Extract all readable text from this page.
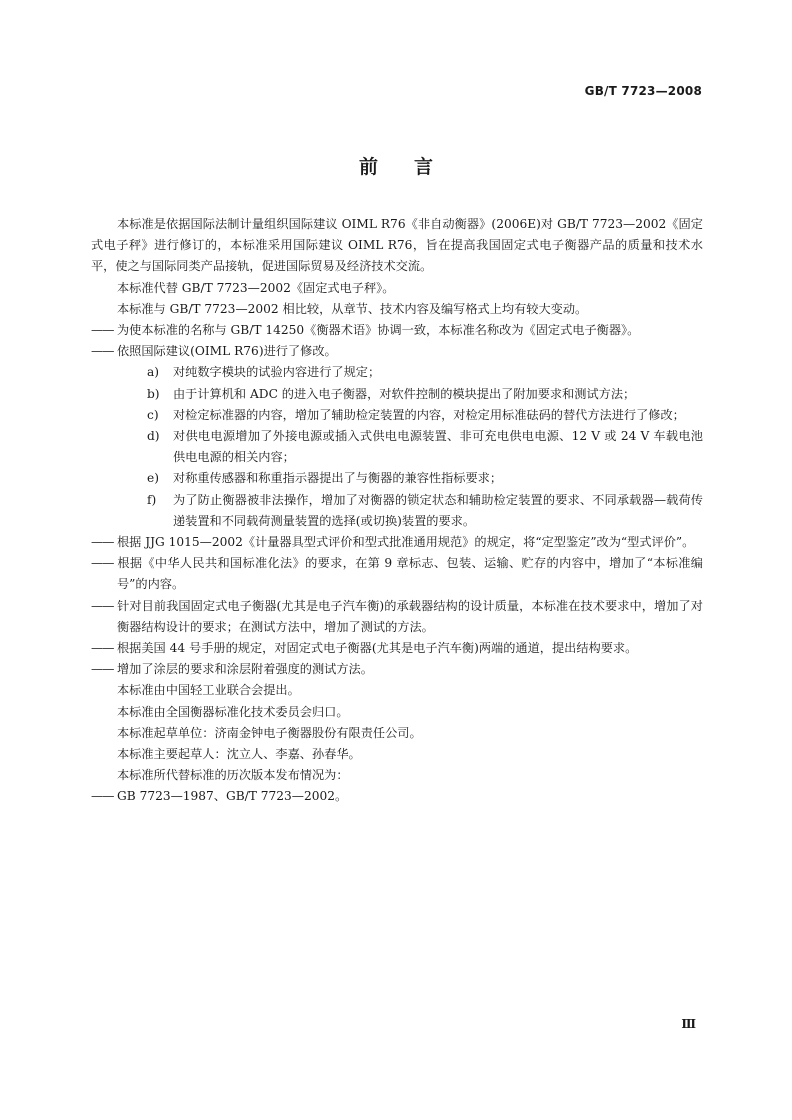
GB/T 7723—2008
前言

本标准是依据国际法制计量组织国际建议 OIML R76《非自动衡器》(2006E)对 GB/T 7723—2002《固定式电子秤》进行修订的，本标准采用国际建议 OIML R76，旨在提高我国固定式电子衡器产品的质量和技术水平，使之与国际同类产品接轨，促进国际贸易及经济技术交流。

本标准代替 GB/T 7723—2002《固定式电子秤》。

本标准与 GB/T 7723—2002 相比较，从章节、技术内容及编写格式上均有较大变动。

—— 为使本标准的名称与 GB/T 14250《衡器术语》协调一致，本标准名称改为《固定式电子衡器》。

—— 依照国际建议(OIML R76)进行了修改。

a) 对纯数字模块的试验内容进行了规定；

b) 由于计算机和 ADC 的进入电子衡器，对软件控制的模块提出了附加要求和测试方法；

c) 对检定标准器的内容，增加了辅助检定装置的内容，对检定用标准砝码的替代方法进行了修改；

d) 对供电电源增加了外接电源或插入式供电电源装置、非可充电供电电源、12 V 或 24 V 车载电池供电电源的相关内容；

e) 对称重传感器和称重指示器提出了与衡器的兼容性指标要求；

f) 为了防止衡器被非法操作，增加了对衡器的锁定状态和辅助检定装置的要求、不同承载器—载荷传递装置和不同载荷测量装置的选择(或切换)装置的要求。

—— 根据 JJG 1015—2002《计量器具型式评价和型式批准通用规范》的规定，将“定型鉴定”改为“型式评价”。

—— 根据《中华人民共和国标准化法》的要求，在第 9 章标志、包装、运输、贮存的内容中，增加了“本标准编号”的内容。

—— 针对目前我国固定式电子衡器(尤其是电子汽车衡)的承载器结构的设计质量，本标准在技术要求中，增加了对衡器结构设计的要求；在测试方法中，增加了测试的方法。

—— 根据美国 44 号手册的规定，对固定式电子衡器(尤其是电子汽车衡)两端的通道，提出结构要求。

—— 增加了涂层的要求和涂层附着强度的测试方法。

本标准由中国轻工业联合会提出。

本标准由全国衡器标准化技术委员会归口。

本标准起草单位：济南金钟电子衡器股份有限责任公司。

本标准主要起草人：沈立人、李嘉、孙春华。

本标准所代替标准的历次版本发布情况为：

—— GB 7723—1987、GB/T 7723—2002。

Ⅲ
